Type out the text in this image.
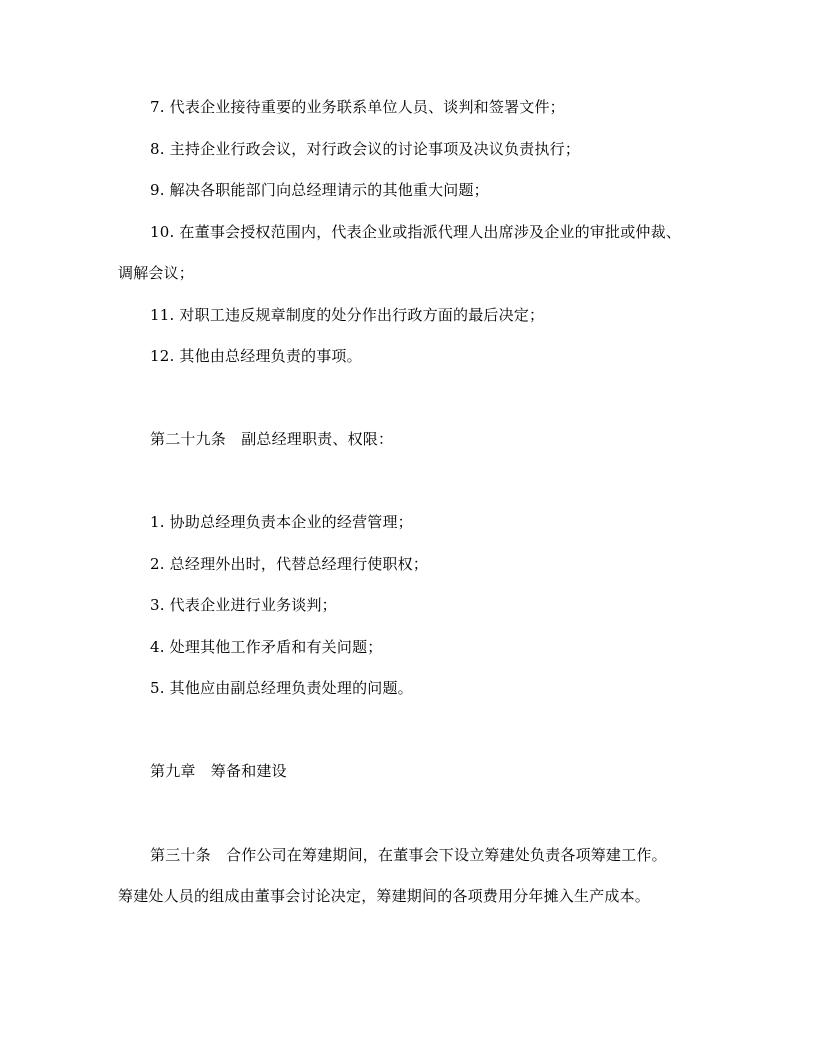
7. 代表企业接待重要的业务联系单位人员、谈判和签署文件；
8. 主持企业行政会议，对行政会议的讨论事项及决议负责执行；
9. 解决各职能部门向总经理请示的其他重大问题；
10. 在董事会授权范围内，代表企业或指派代理人出席涉及企业的审批或仲裁、
调解会议；
11. 对职工违反规章制度的处分作出行政方面的最后决定；
12. 其他由总经理负责的事项。
第二十九条　副总经理职责、权限：
1. 协助总经理负责本企业的经营管理；
2. 总经理外出时，代替总经理行使职权；
3. 代表企业进行业务谈判；
4. 处理其他工作矛盾和有关问题；
5. 其他应由副总经理负责处理的问题。
第九章　筹备和建设
第三十条　合作公司在筹建期间，在董事会下设立筹建处负责各项筹建工作。
筹建处人员的组成由董事会讨论决定，筹建期间的各项费用分年摊入生产成本。
